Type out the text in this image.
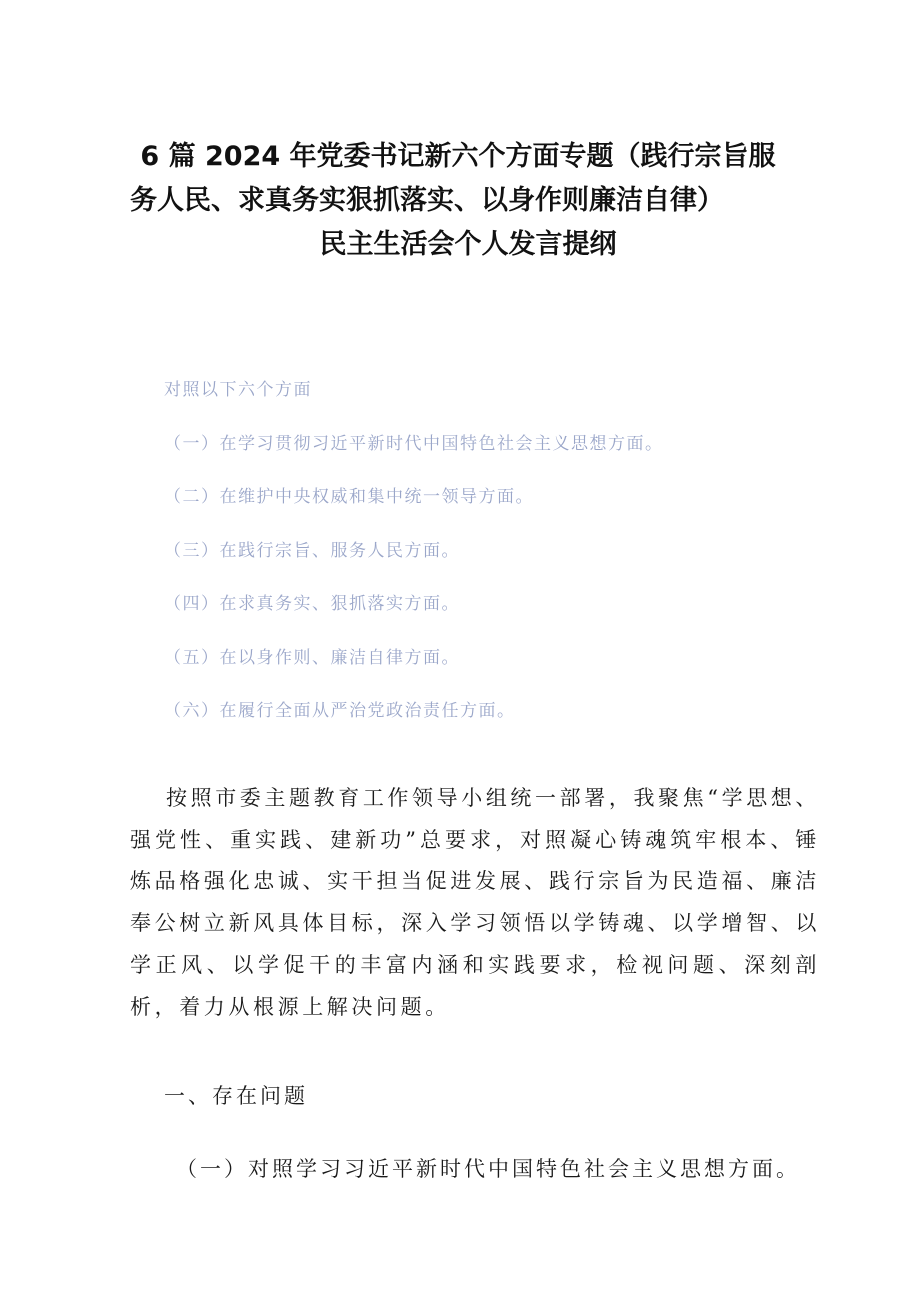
6 篇 2024 年党委书记新六个方面专题（践行宗旨服
务人民、求真务实狠抓落实、以身作则廉洁自律）
民主生活会个人发言提纲
对照以下六个方面
（一）在学习贯彻习近平新时代中国特色社会主义思想方面。
（二）在维护中央权威和集中统一领导方面。
（三）在践行宗旨、服务人民方面。
（四）在求真务实、狠抓落实方面。
（五）在以身作则、廉洁自律方面。
（六）在履行全面从严治党政治责任方面。

按照市委主题教育工作领导小组统一部署，我聚焦“学思想、强党性、重实践、建新功”总要求，对照凝心铸魂筑牢根本、锤炼品格强化忠诚、实干担当促进发展、践行宗旨为民造福、廉洁奉公树立新风具体目标，深入学习领悟以学铸魂、以学增智、以学正风、以学促干的丰富内涵和实践要求，检视问题、深刻剖析，着力从根源上解决问题。

一、存在问题

（一）对照学习习近平新时代中国特色社会主义思想方面。
